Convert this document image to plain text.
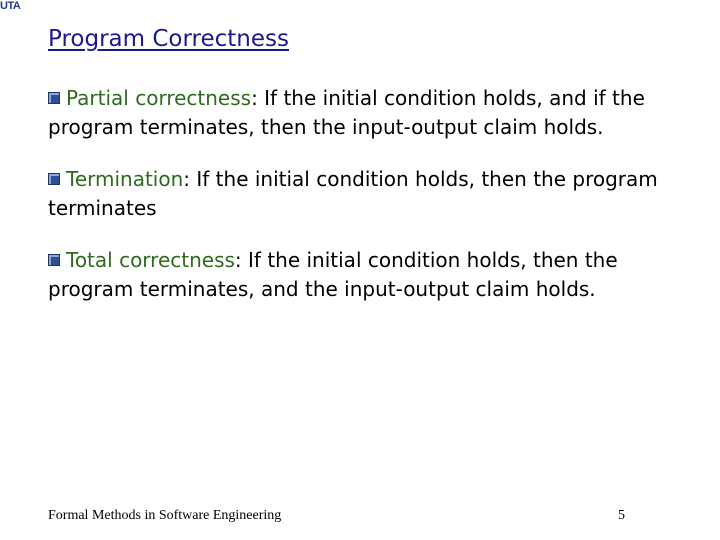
UTA
Program Correctness
Partial correctness: If the initial condition holds, and if the program terminates, then the input-output claim holds.
Termination: If the initial condition holds, then the program terminates
Total correctness: If the initial condition holds, then the program terminates, and the input-output claim holds.
Formal Methods in Software Engineering	5
